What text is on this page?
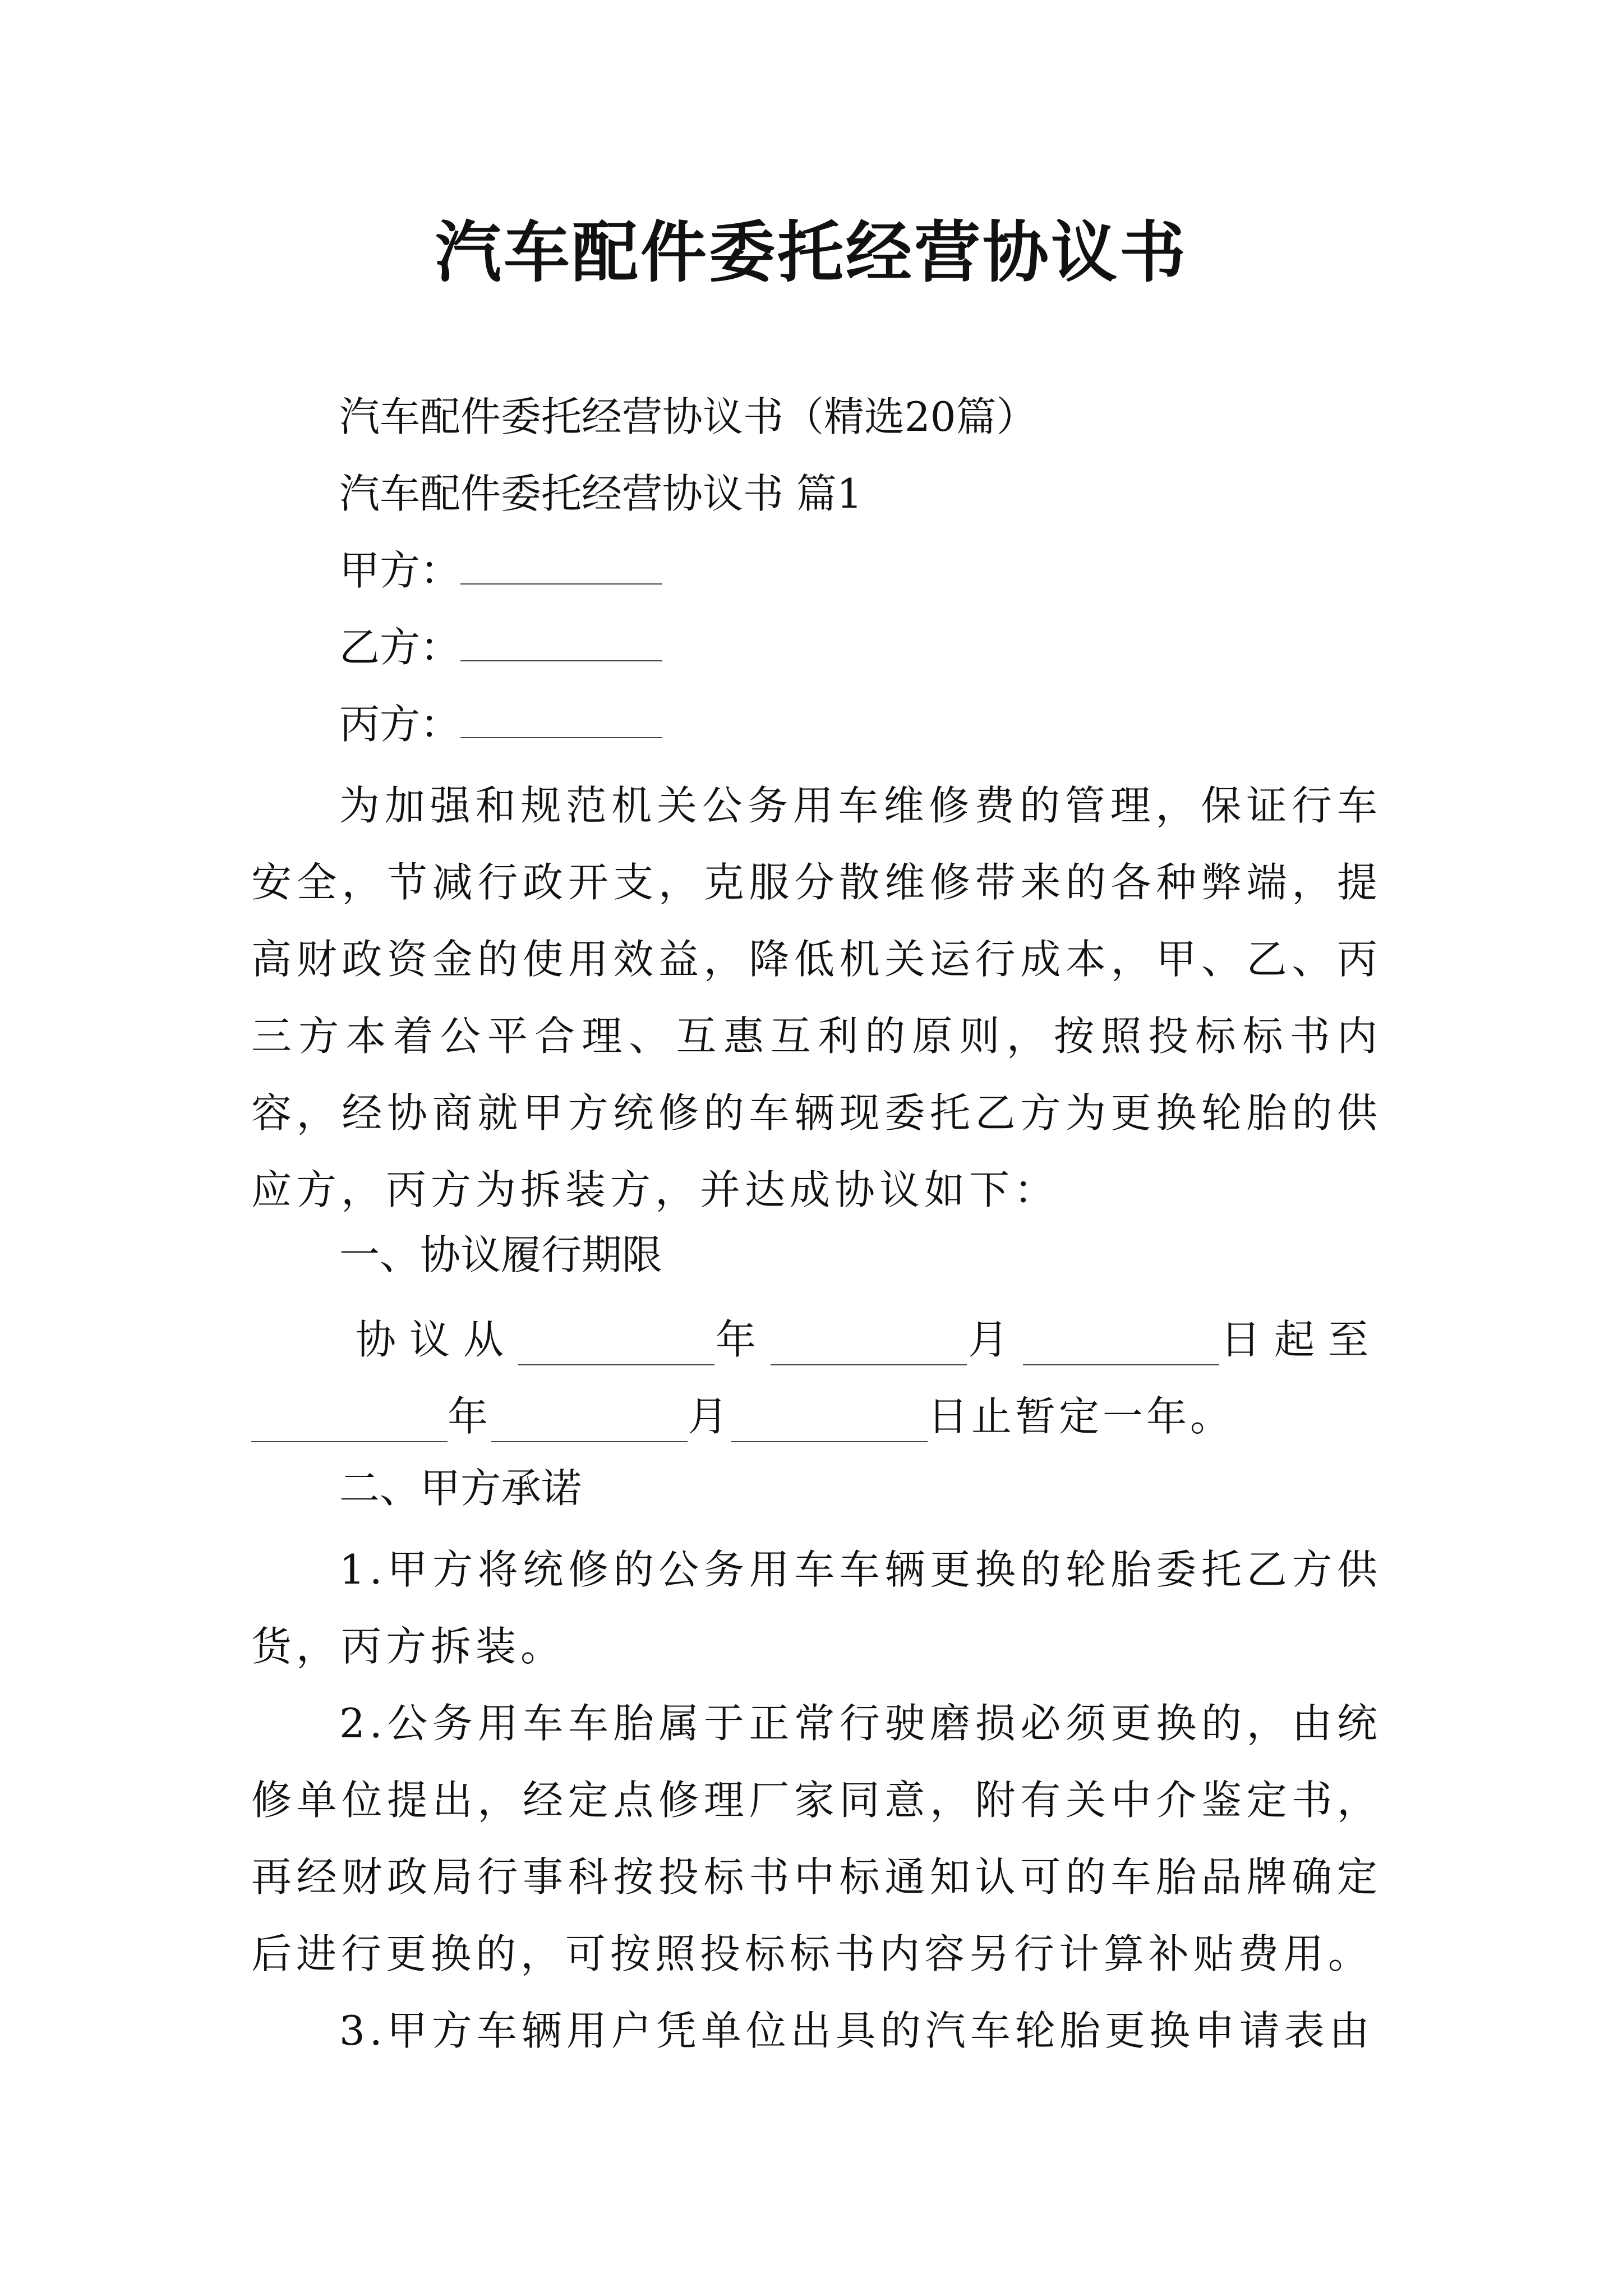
汽车配件委托经营协议书
汽车配件委托经营协议书（精选20篇）
汽车配件委托经营协议书 篇1
甲方：
乙方：
丙方：
为加强和规范机关公务用车维修费的管理，保证行车安全，节减行政开支，克服分散维修带来的各种弊端，提高财政资金的使用效益，降低机关运行成本，甲、乙、丙三方本着公平合理、互惠互利的原则，按照投标标书内容，经协商就甲方统修的车辆现委托乙方为更换轮胎的供应方，丙方为拆装方，并达成协议如下：
一、协议履行期限
协议从	年	月	日起至
年	月	日止暂定一年。
二、甲方承诺
1.甲方将统修的公务用车车辆更换的轮胎委托乙方供货，丙方拆装。
2.公务用车车胎属于正常行驶磨损必须更换的，由统修单位提出，经定点修理厂家同意，附有关中介鉴定书，再经财政局行事科按投标书中标通知认可的车胎品牌确定后进行更换的，可按照投标标书内容另行计算补贴费用。
3.甲方车辆用户凭单位出具的汽车轮胎更换申请表由
